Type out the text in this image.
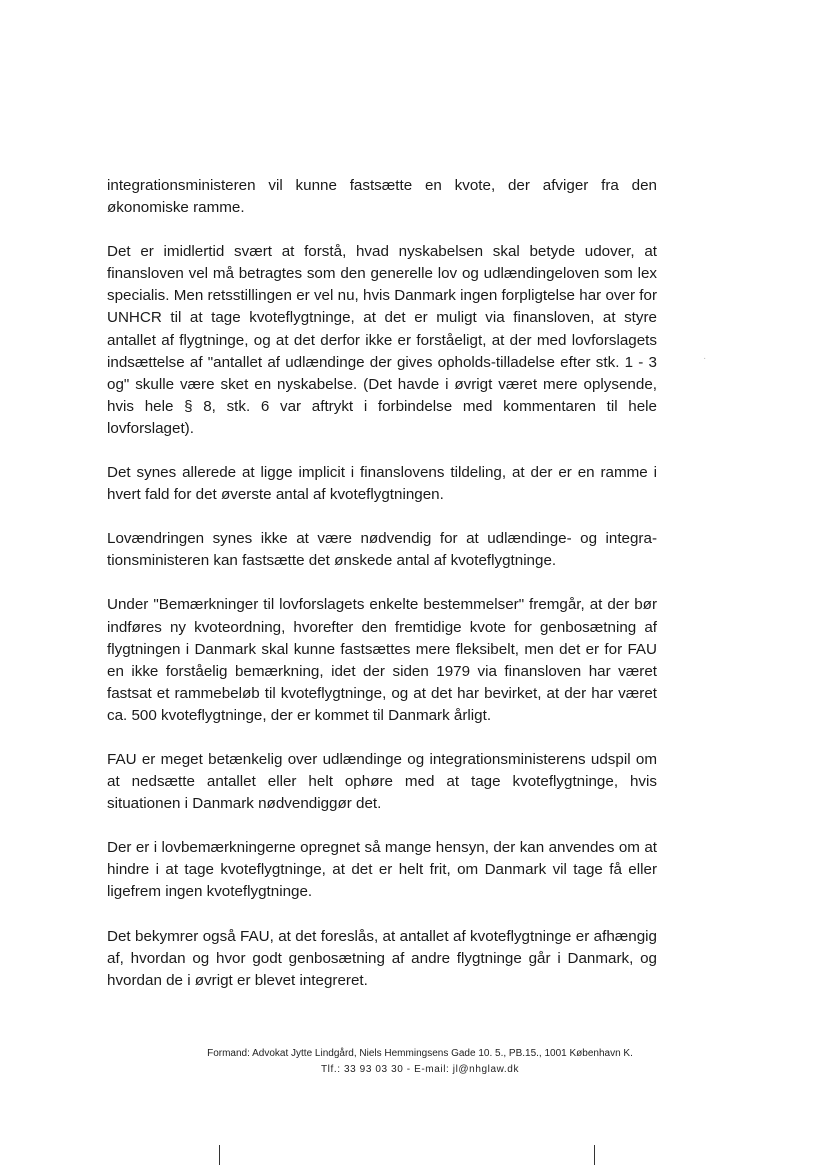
integrationsministeren vil kunne fastsætte en kvote, der afviger fra den økonomiske ramme.

Det er imidlertid svært at forstå, hvad nyskabelsen skal betyde udover, at finansloven vel må betragtes som den generelle lov og udlændingeloven som lex specialis. Men retsstillingen er vel nu, hvis Danmark ingen forpligtelse har over for UNHCR til at tage kvoteflygtninge, at det er muligt via finansloven, at styre antallet af flygtninge, og at det derfor ikke er forståeligt, at der med lovforslagets indsættelse af "antallet af udlændinge der gives opholds-tilladelse efter stk. 1 - 3 og" skulle være sket en nyskabelse. (Det havde i øvrigt været mere oplysende, hvis hele § 8, stk. 6 var aftrykt i forbindelse med kommentaren til hele lovforslaget).

Det synes allerede at ligge implicit i finanslovens tildeling, at der er en ramme i hvert fald for det øverste antal af kvoteflygtningen.

Lovændringen synes ikke at være nødvendig for at udlændinge- og integra-tionsministeren kan fastsætte det ønskede antal af kvoteflygtninge.

Under "Bemærkninger til lovforslagets enkelte bestemmelser" fremgår, at der bør indføres ny kvoteordning, hvorefter den fremtidige kvote for genbosætning af flygtningen i Danmark skal kunne fastsættes mere fleksibelt, men det er for FAU en ikke forståelig bemærkning, idet der siden 1979 via finansloven har været fastsat et rammebeløb til kvoteflygtninge, og at det har bevirket, at der har været ca. 500 kvoteflygtninge, der er kommet til Danmark årligt.

FAU er meget betænkelig over udlændinge og integrationsministerens udspil om at nedsætte antallet eller helt ophøre med at tage kvoteflygtninge, hvis situationen i Danmark nødvendiggør det.

Der er i lovbemærkningerne opregnet så mange hensyn, der kan anvendes om at hindre i at tage kvoteflygtninge, at det er helt frit, om Danmark vil tage få eller ligefrem ingen kvoteflygtninge.

Det bekymrer også FAU, at det foreslås, at antallet af kvoteflygtninge er afhængig af, hvordan og hvor godt genbosætning af andre flygtninge går i Danmark, og hvordan de i øvrigt er blevet integreret.

·
Formand: Advokat Jytte Lindgård, Niels Hemmingsens Gade 10. 5., PB.15., 1001 København K.
Tlf.: 33 93 03 30 - E-mail: jl@nhglaw.dk
